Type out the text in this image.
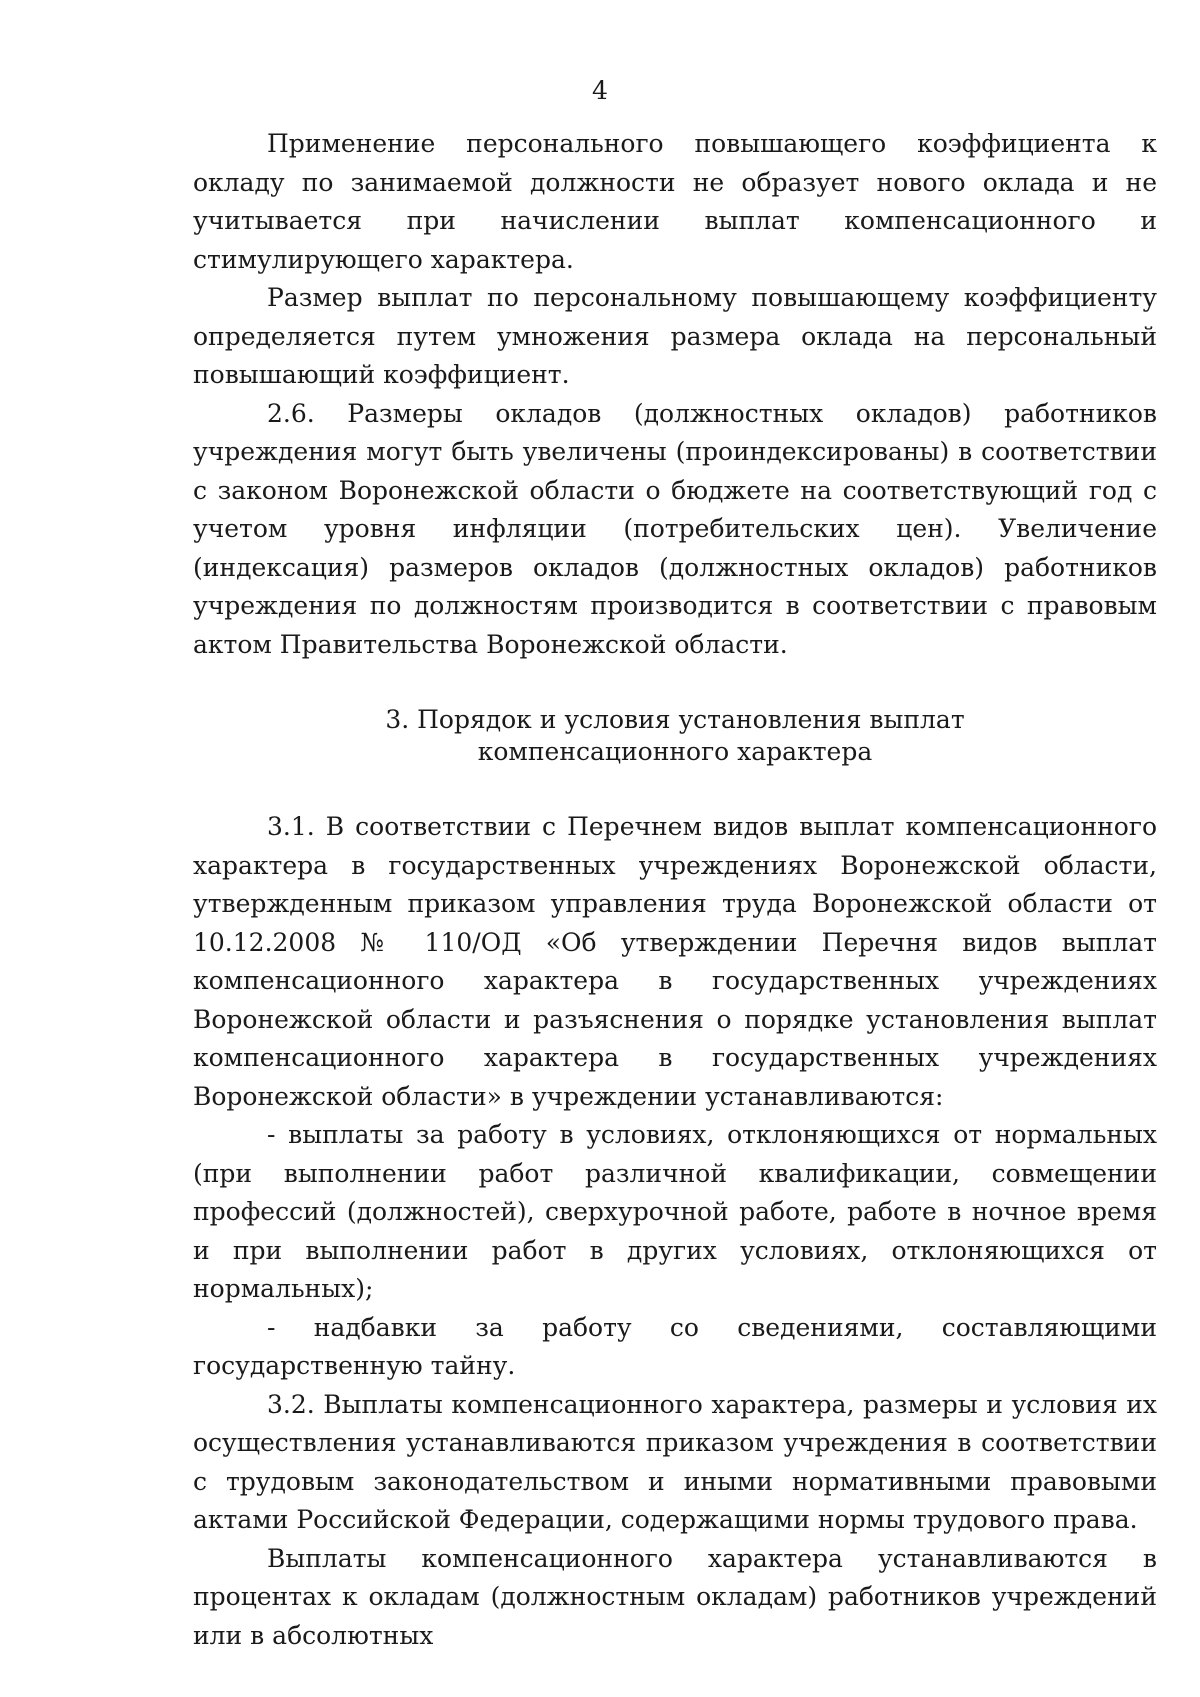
4

Применение персонального повышающего коэффициента к окладу по занимаемой должности не образует нового оклада и не учитывается при начислении выплат компенсационного и стимулирующего характера.

Размер выплат по персональному повышающему коэффициенту определяется путем умножения размера оклада на персональный повышающий коэффициент.

2.6. Размеры окладов (должностных окладов) работников учреждения могут быть увеличены (проиндексированы) в соответствии с законом Воронежской области о бюджете на соответствующий год с учетом уровня инфляции (потребительских цен). Увеличение (индексация) размеров окладов (должностных окладов) работников учреждения по должностям производится в соответствии с правовым актом Правительства Воронежской области.

3. Порядок и условия установления выплат
компенсационного характера

3.1. В соответствии с Перечнем видов выплат компенсационного характера в государственных учреждениях Воронежской области, утвержденным приказом управления труда Воронежской области от 10.12.2008 № 110/ОД «Об утверждении Перечня видов выплат компенсационного характера в государственных учреждениях Воронежской области и разъяснения о порядке установления выплат компенсационного характера в государственных учреждениях Воронежской области» в учреждении устанавливаются:

- выплаты за работу в условиях, отклоняющихся от нормальных (при выполнении работ различной квалификации, совмещении профессий (должностей), сверхурочной работе, работе в ночное время и при выполнении работ в других условиях, отклоняющихся от нормальных);

- надбавки за работу со сведениями, составляющими государственную тайну.

3.2. Выплаты компенсационного характера, размеры и условия их осуществления устанавливаются приказом учреждения в соответствии с трудовым законодательством и иными нормативными правовыми актами Российской Федерации, содержащими нормы трудового права.

Выплаты компенсационного характера устанавливаются в процентах к окладам (должностным окладам) работников учреждений или в абсолютных
